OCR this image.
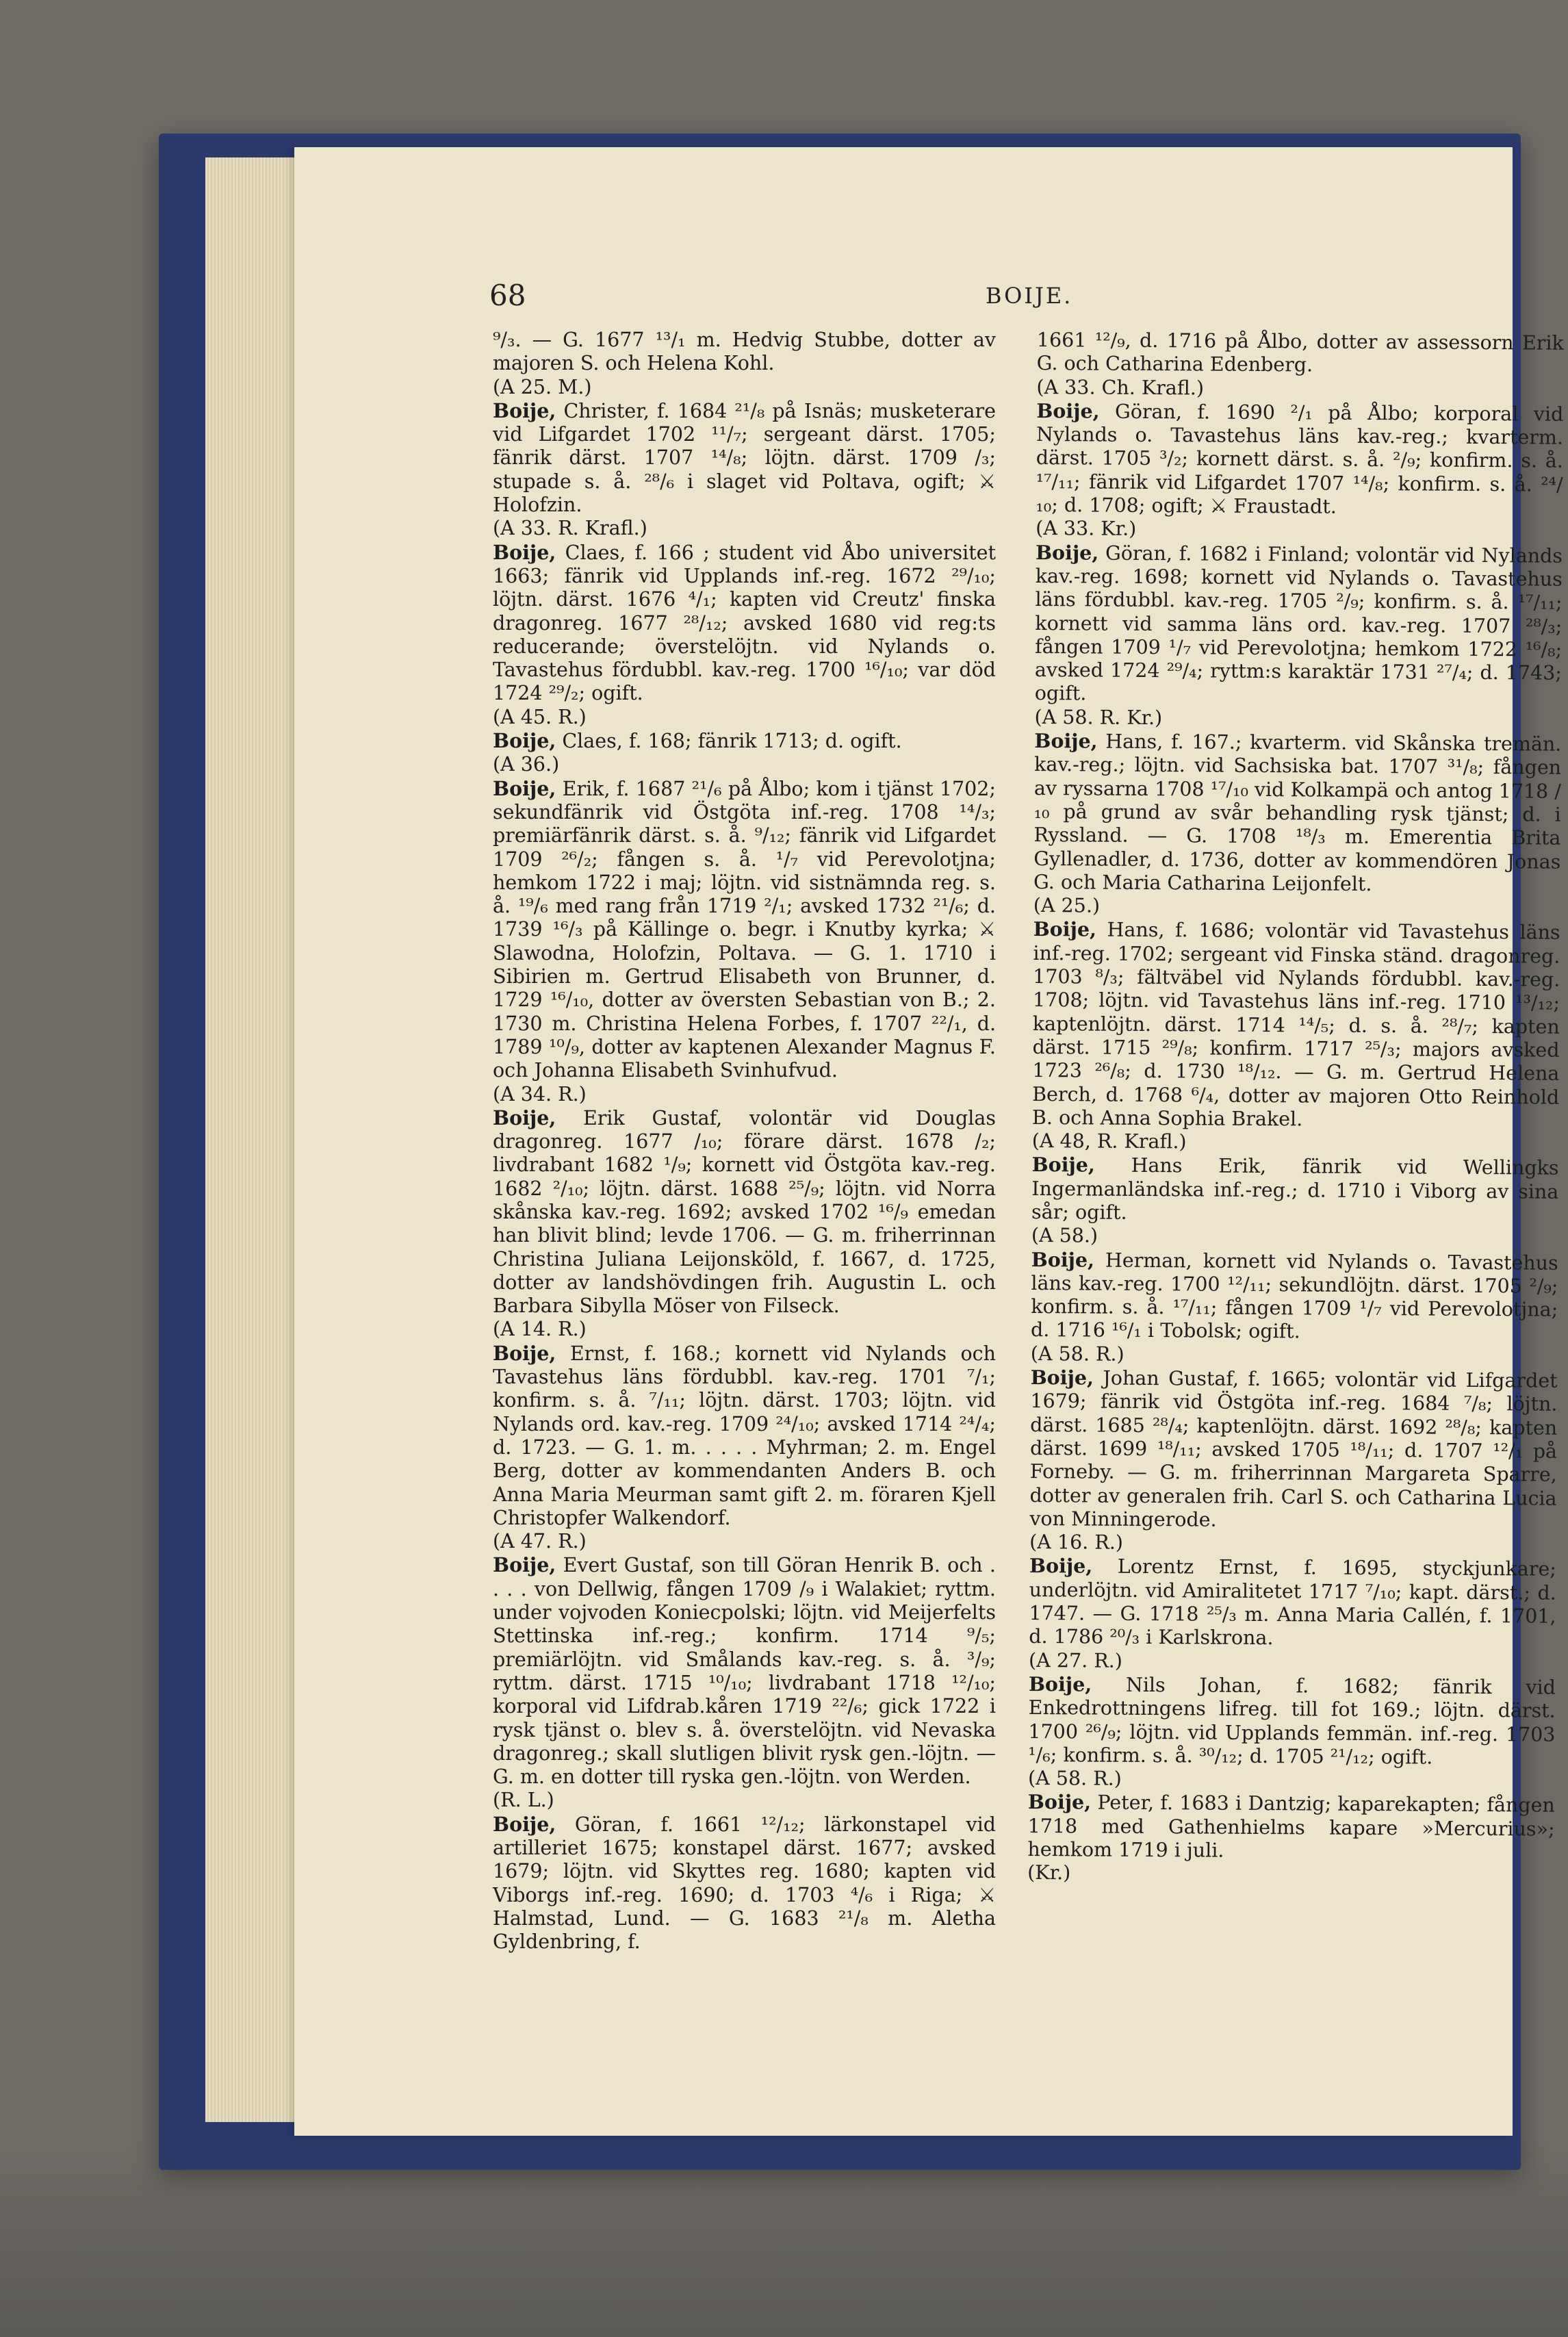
68	BOIJE.

⁹/₃. — G. 1677 ¹³/₁ m. Hedvig Stubbe, dotter av majoren S. och Helena Kohl.

(A 25. M.)

Boije, Christer, f. 1684 ²¹/₈ på Isnäs; musketerare vid Lifgardet 1702 ¹¹/₇; sergeant därst. 1705; fänrik därst. 1707 ¹⁴/₈; löjtn. därst. 1709 /₃; stupade s. å. ²⁸/₆ i slaget vid Poltava, ogift; ⚔ Holofzin.

(A 33. R. Krafl.)

Boije, Claes, f. 166 ; student vid Åbo universitet 1663; fänrik vid Upplands inf.-reg. 1672 ²⁹/₁₀; löjtn. därst. 1676 ⁴/₁; kapten vid Creutz' finska dragonreg. 1677 ²⁸/₁₂; avsked 1680 vid reg:ts reducerande; överstelöjtn. vid Nylands o. Tavastehus fördubbl. kav.-reg. 1700 ¹⁶/₁₀; var död 1724 ²⁹/₂; ogift.

(A 45. R.)

Boije, Claes, f. 168; fänrik 1713; d. ogift.

(A 36.)

Boije, Erik, f. 1687 ²¹/₆ på Ålbo; kom i tjänst 1702; sekundfänrik vid Östgöta inf.-reg. 1708 ¹⁴/₃; premiärfänrik därst. s. å. ⁹/₁₂; fänrik vid Lifgardet 1709 ²⁶/₂; fången s. å. ¹/₇ vid Perevolotjna; hemkom 1722 i maj; löjtn. vid sistnämnda reg. s. å. ¹⁹/₆ med rang från 1719 ²/₁; avsked 1732 ²¹/₆; d. 1739 ¹⁶/₃ på Källinge o. begr. i Knutby kyrka; ⚔ Slawodna, Holofzin, Poltava. — G. 1. 1710 i Sibirien m. Gertrud Elisabeth von Brunner, d. 1729 ¹⁶/₁₀, dotter av översten Sebastian von B.; 2. 1730 m. Christina Helena Forbes, f. 1707 ²²/₁, d. 1789 ¹⁰/₉, dotter av kaptenen Alexander Magnus F. och Johanna Elisabeth Svinhufvud.

(A 34. R.)

Boije, Erik Gustaf, volontär vid Douglas dragonreg. 1677 /₁₀; förare därst. 1678 /₂; livdrabant 1682 ¹/₉; kornett vid Östgöta kav.-reg. 1682 ²/₁₀; löjtn. därst. 1688 ²⁵/₉; löjtn. vid Norra skånska kav.-reg. 1692; avsked 1702 ¹⁶/₉ emedan han blivit blind; levde 1706. — G. m. friherrinnan Christina Juliana Leijonsköld, f. 1667, d. 1725, dotter av landshövdingen frih. Augustin L. och Barbara Sibylla Möser von Filseck.

(A 14. R.)

Boije, Ernst, f. 168.; kornett vid Nylands och Tavastehus läns fördubbl. kav.-reg. 1701 ⁷/₁; konfirm. s. å. ⁷/₁₁; löjtn. därst. 1703; löjtn. vid Nylands ord. kav.-reg. 1709 ²⁴/₁₀; avsked 1714 ²⁴/₄; d. 1723. — G. 1. m. . . . . Myhrman; 2. m. Engel Berg, dotter av kommendanten Anders B. och Anna Maria Meurman samt gift 2. m. föraren Kjell Christopfer Walkendorf.

(A 47. R.)

Boije, Evert Gustaf, son till Göran Henrik B. och . . . . von Dellwig, fången 1709 /₉ i Walakiet; ryttm. under vojvoden Koniecpolski; löjtn. vid Meijerfelts Stettinska inf.-reg.; konfirm. 1714 ⁹/₅; premiärlöjtn. vid Smålands kav.-reg. s. å. ³/₉; ryttm. därst. 1715 ¹⁰/₁₀; livdrabant 1718 ¹²/₁₀; korporal vid Lifdrab.kåren 1719 ²²/₆; gick 1722 i rysk tjänst o. blev s. å. överstelöjtn. vid Nevaska dragonreg.; skall slutligen blivit rysk gen.-löjtn. — G. m. en dotter till ryska gen.-löjtn. von Werden.

(R. L.)

Boije, Göran, f. 1661 ¹²/₁₂; lärkonstapel vid artilleriet 1675; konstapel därst. 1677; avsked 1679; löjtn. vid Skyttes reg. 1680; kapten vid Viborgs inf.-reg. 1690; d. 1703 ⁴/₆ i Riga; ⚔ Halmstad, Lund. — G. 1683 ²¹/₈ m. Aletha Gyldenbring, f.

1661 ¹²/₉, d. 1716 på Ålbo, dotter av assessorn Erik G. och Catharina Edenberg.

(A 33. Ch. Krafl.)

Boije, Göran, f. 1690 ²/₁ på Ålbo; korporal vid Nylands o. Tavastehus läns kav.-reg.; kvarterm. därst. 1705 ³/₂; kornett därst. s. å. ²/₉; konfirm. s. å. ¹⁷/₁₁; fänrik vid Lifgardet 1707 ¹⁴/₈; konfirm. s. å. ²⁴/₁₀; d. 1708; ogift; ⚔ Fraustadt.

(A 33. Kr.)

Boije, Göran, f. 1682 i Finland; volontär vid Nylands kav.-reg. 1698; kornett vid Nylands o. Tavastehus läns fördubbl. kav.-reg. 1705 ²/₉; konfirm. s. å. ¹⁷/₁₁; kornett vid samma läns ord. kav.-reg. 1707 ²⁸/₃; fången 1709 ¹/₇ vid Perevolotjna; hemkom 1722 ¹⁶/₈; avsked 1724 ²⁹/₄; ryttm:s karaktär 1731 ²⁷/₄; d. 1743; ogift.

(A 58. R. Kr.)

Boije, Hans, f. 167.; kvarterm. vid Skånska tremän. kav.-reg.; löjtn. vid Sachsiska bat. 1707 ³¹/₈; fången av ryssarna 1708 ¹⁷/₁₀ vid Kolkampä och antog 1718 /₁₀ på grund av svår behandling rysk tjänst; d. i Ryssland. — G. 1708 ¹⁸/₃ m. Emerentia Brita Gyllenadler, d. 1736, dotter av kommendören Jonas G. och Maria Catharina Leijonfelt.

(A 25.)

Boije, Hans, f. 1686; volontär vid Tavastehus läns inf.-reg. 1702; sergeant vid Finska ständ. dragonreg. 1703 ⁸/₃; fältväbel vid Nylands fördubbl. kav.-reg. 1708; löjtn. vid Tavastehus läns inf.-reg. 1710 ¹³/₁₂; kaptenlöjtn. därst. 1714 ¹⁴/₅; d. s. å. ²⁸/₇; kapten därst. 1715 ²⁹/₈; konfirm. 1717 ²⁵/₃; majors avsked 1723 ²⁶/₈; d. 1730 ¹⁸/₁₂. — G. m. Gertrud Helena Berch, d. 1768 ⁶/₄, dotter av majoren Otto Reinhold B. och Anna Sophia Brakel.

(A 48, R. Krafl.)

Boije, Hans Erik, fänrik vid Wellingks Ingermanländska inf.-reg.; d. 1710 i Viborg av sina sår; ogift.

(A 58.)

Boije, Herman, kornett vid Nylands o. Tavastehus läns kav.-reg. 1700 ¹²/₁₁; sekundlöjtn. därst. 1705 ²/₉; konfirm. s. å. ¹⁷/₁₁; fången 1709 ¹/₇ vid Perevolotjna; d. 1716 ¹⁶/₁ i Tobolsk; ogift.

(A 58. R.)

Boije, Johan Gustaf, f. 1665; volontär vid Lifgardet 1679; fänrik vid Östgöta inf.-reg. 1684 ⁷/₈; löjtn. därst. 1685 ²⁸/₄; kaptenlöjtn. därst. 1692 ²⁸/₈; kapten därst. 1699 ¹⁸/₁₁; avsked 1705 ¹⁸/₁₁; d. 1707 ¹²/₁ på Forneby. — G. m. friherrinnan Margareta Sparre, dotter av generalen frih. Carl S. och Catharina Lucia von Minningerode.

(A 16. R.)

Boije, Lorentz Ernst, f. 1695, styckjunkare; underlöjtn. vid Amiralitetet 1717 ⁷/₁₀; kapt. därst.; d. 1747. — G. 1718 ²⁵/₃ m. Anna Maria Callén, f. 1701, d. 1786 ²⁰/₃ i Karlskrona.

(A 27. R.)

Boije, Nils Johan, f. 1682; fänrik vid Enkedrottningens lifreg. till fot 169.; löjtn. därst. 1700 ²⁶/₉; löjtn. vid Upplands femmän. inf.-reg. 1703 ¹/₆; konfirm. s. å. ³⁰/₁₂; d. 1705 ²¹/₁₂; ogift.

(A 58. R.)

Boije, Peter, f. 1683 i Dantzig; kaparekapten; fången 1718 med Gathenhielms kapare »Mercurius»; hemkom 1719 i juli.

(Kr.)
